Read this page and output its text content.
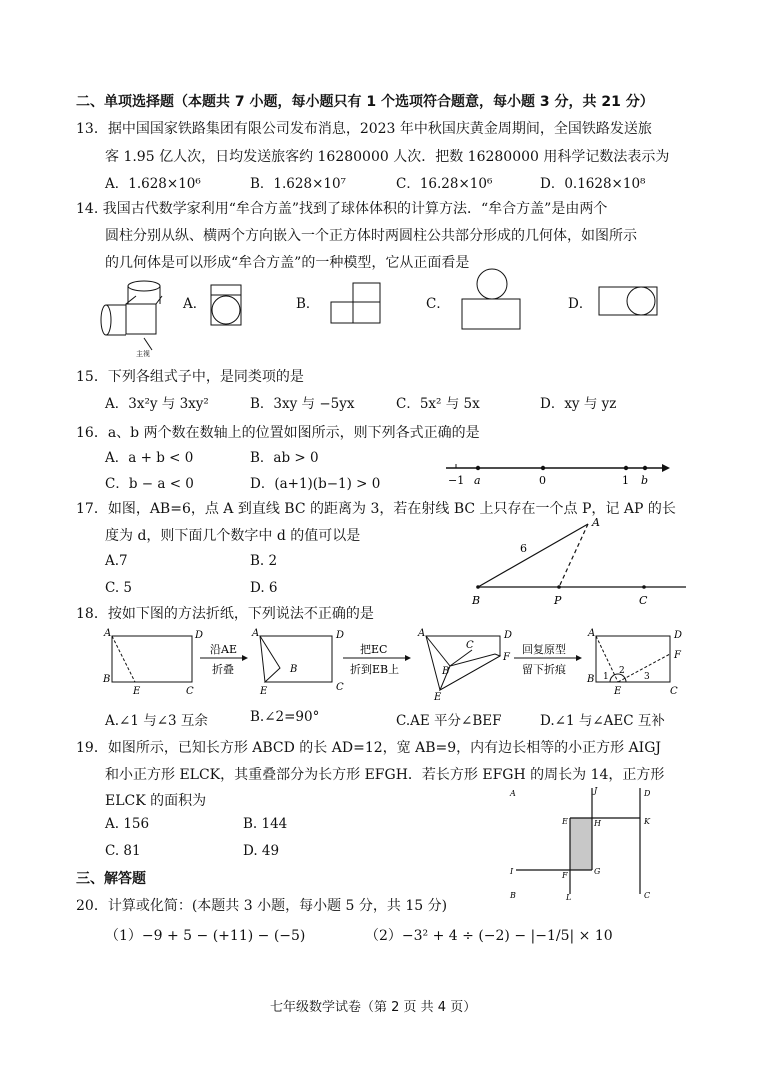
二、单项选择题（本题共 7 小题，每小题只有 1 个选项符合题意，每小题 3 分，共 21 分）
13．据中国国家铁路集团有限公司发布消息，2023 年中秋国庆黄金周期间，全国铁路发送旅
客 1.95 亿人次，日均发送旅客约 16280000 人次．把数 16280000 用科学记数法表示为
A．1.628×10⁶	B．1.628×10⁷	C．16.28×10⁶	D．0.1628×10⁸
14. 我国古代数学家利用“牟合方盖”找到了球体体积的计算方法．“牟合方盖”是由两个
圆柱分别从纵、横两个方向嵌入一个正方体时两圆柱公共部分形成的几何体，如图所示
的几何体是可以形成“牟合方盖”的一种模型，它从正面看是
主视
A．	B．	C．	D．
15．下列各组式子中，是同类项的是
A．3x²y 与 3xy²	B．3xy 与 −5yx	C．5x² 与 5x	D．xy 与 yz
16．a、b 两个数在数轴上的位置如图所示，则下列各式正确的是
A．a + b < 0	B．ab > 0
C．b − a < 0	D．(a+1)(b−1) > 0	−1 a	0	1 b
17．如图，AB=6，点 A 到直线 BC 的距离为 3，若在射线 BC 上只存在一个点 P，记 AP 的长
度为 d，则下面几个数字中 d 的值可以是
A.7	B. 2
C. 5	D. 6
A
B	P	C
6
18．按如下图的方法折纸，下列说法不正确的是
A	D
B
E	C
沿AE
折叠
A	D
B
E	C
把EC
折到EB上
A	D
C
F
B
E
回复原型
留下折痕
A	D
F
B
E	C
1
2
3
A.∠1 与∠3 互余	B.∠2=90°	C.AE 平分∠BEF	D.∠1 与∠AEC 互补
19．如图所示，已知长方形 ABCD 的长 AD=12，宽 AB=9，内有边长相等的小正方形 AIGJ
和小正方形 ELCK，其重叠部分为长方形 EFGH．若长方形 EFGH 的周长为 14，正方形
ELCK 的面积为
A. 156	B. 144
C. 81	D. 49
A	J	D
E	H	K
I	F	G
B	L	C
三、解答题
20．计算或化简：(本题共 3 小题，每小题 5 分，共 15 分)
（1）−9 + 5 − (+11) − (−5)	（2）−3² + 4 ÷ (−2) − |−1/5| × 10
七年级数学试卷（第 2 页 共 4 页）
